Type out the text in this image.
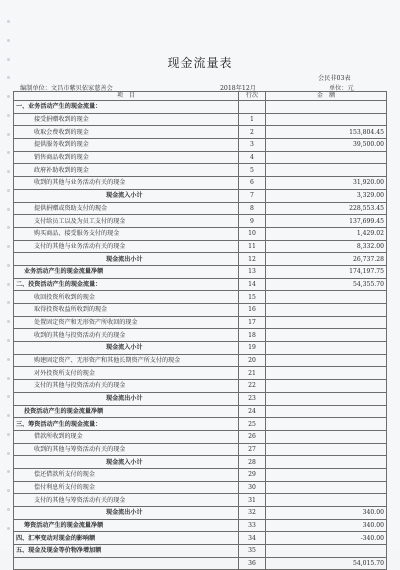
现金流量表
会民非03表
编制单位：文昌市紫贝依家慈善会	2018年12月	单位：元
项　目	行次	金　额
一、业务活动产生的现金流量：		
接受捐赠收到的现金	1	
收取会费收到的现金	2	153,804.45
提供服务收到的现金	3	39,500.00
销售商品收到的现金	4	
政府补助收到的现金	5	
收到的其他与业务活动有关的现金	6	31,920.00
现金流入小计	7	3,329.00
提供捐赠或资助支付的现金	8	228,553.45
支付给员工以及为员工支付的现金	9	137,699.45
购买商品、接受服务支付的现金	10	1,429.02
支付的其他与业务活动有关的现金	11	8,332.00
现金流出小计	12	26,737.28
业务活动产生的现金流量净额	13	174,197.75
二、投资活动产生的现金流量：	14	54,355.70
收回投资所收到的现金	15	
取得投资收益所收到的现金	16	
处置固定资产和无形资产所收回的现金	17	
收到的其他与投资活动有关的现金	18	
现金流入小计	19	
购建固定资产、无形资产和其他长期资产所支付的现金	20	
对外投资所支付的现金	21	
支付的其他与投资活动有关的现金	22	
现金流出小计	23	
投资活动产生的现金流量净额	24	
三、筹资活动产生的现金流量：	25	
借款所收到的现金	26	
收到的其他与筹资活动有关的现金	27	
现金流入小计	28	
偿还借款所支付的现金	29	
偿付利息所支付的现金	30	
支付的其他与筹资活动有关的现金	31	
现金流出小计	32	340.00
筹资活动产生的现金流量净额	33	340.00
四、汇率变动对现金的影响额	34	-340.00
五、现金及现金等价物净增加额	35	
	36	54,015.70
